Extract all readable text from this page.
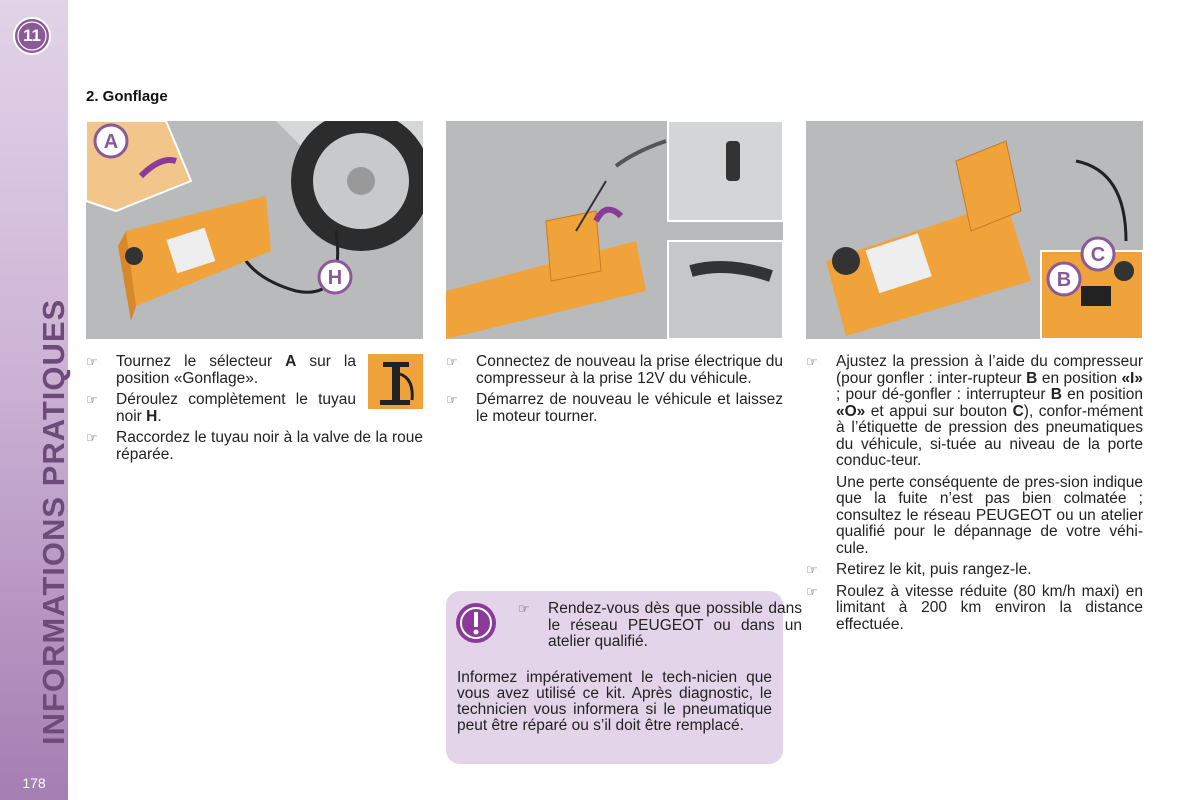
11
INFORMATIONS PRATIQUES
178
2. Gonflage
A
H
C
B
☞ Tournez le sélecteur A sur la position «Gonflage».
☞ Déroulez complètement le tuyau noir H.
☞ Raccordez le tuyau noir à la valve de la roue réparée.
☞ Connectez de nouveau la prise électrique du compresseur à la prise 12V du véhicule.
☞ Démarrez de nouveau le véhicule et laissez le moteur tourner.
☞ Ajustez la pression à l’aide du compresseur (pour gonfler : inter-rupteur B en position «I» ; pour dé-gonfler : interrupteur B en position «O» et appui sur bouton C), confor-mément à l’étiquette de pression des pneumatiques du véhicule, si-tuée au niveau de la porte conduc-teur.
Une perte conséquente de pres-sion indique que la fuite n’est pas bien colmatée ; consultez le réseau PEUGEOT ou un atelier qualifié pour le dépannage de votre véhi-cule.
☞ Retirez le kit, puis rangez-le.
☞ Roulez à vitesse réduite (80 km/h maxi) en limitant à 200 km environ la distance effectuée.
☞ Rendez-vous dès que possible dans le réseau PEUGEOT ou dans un atelier qualifié.
Informez impérativement le tech-nicien que vous avez utilisé ce kit. Après diagnostic, le technicien vous informera si le pneumatique peut être réparé ou s’il doit être remplacé.
